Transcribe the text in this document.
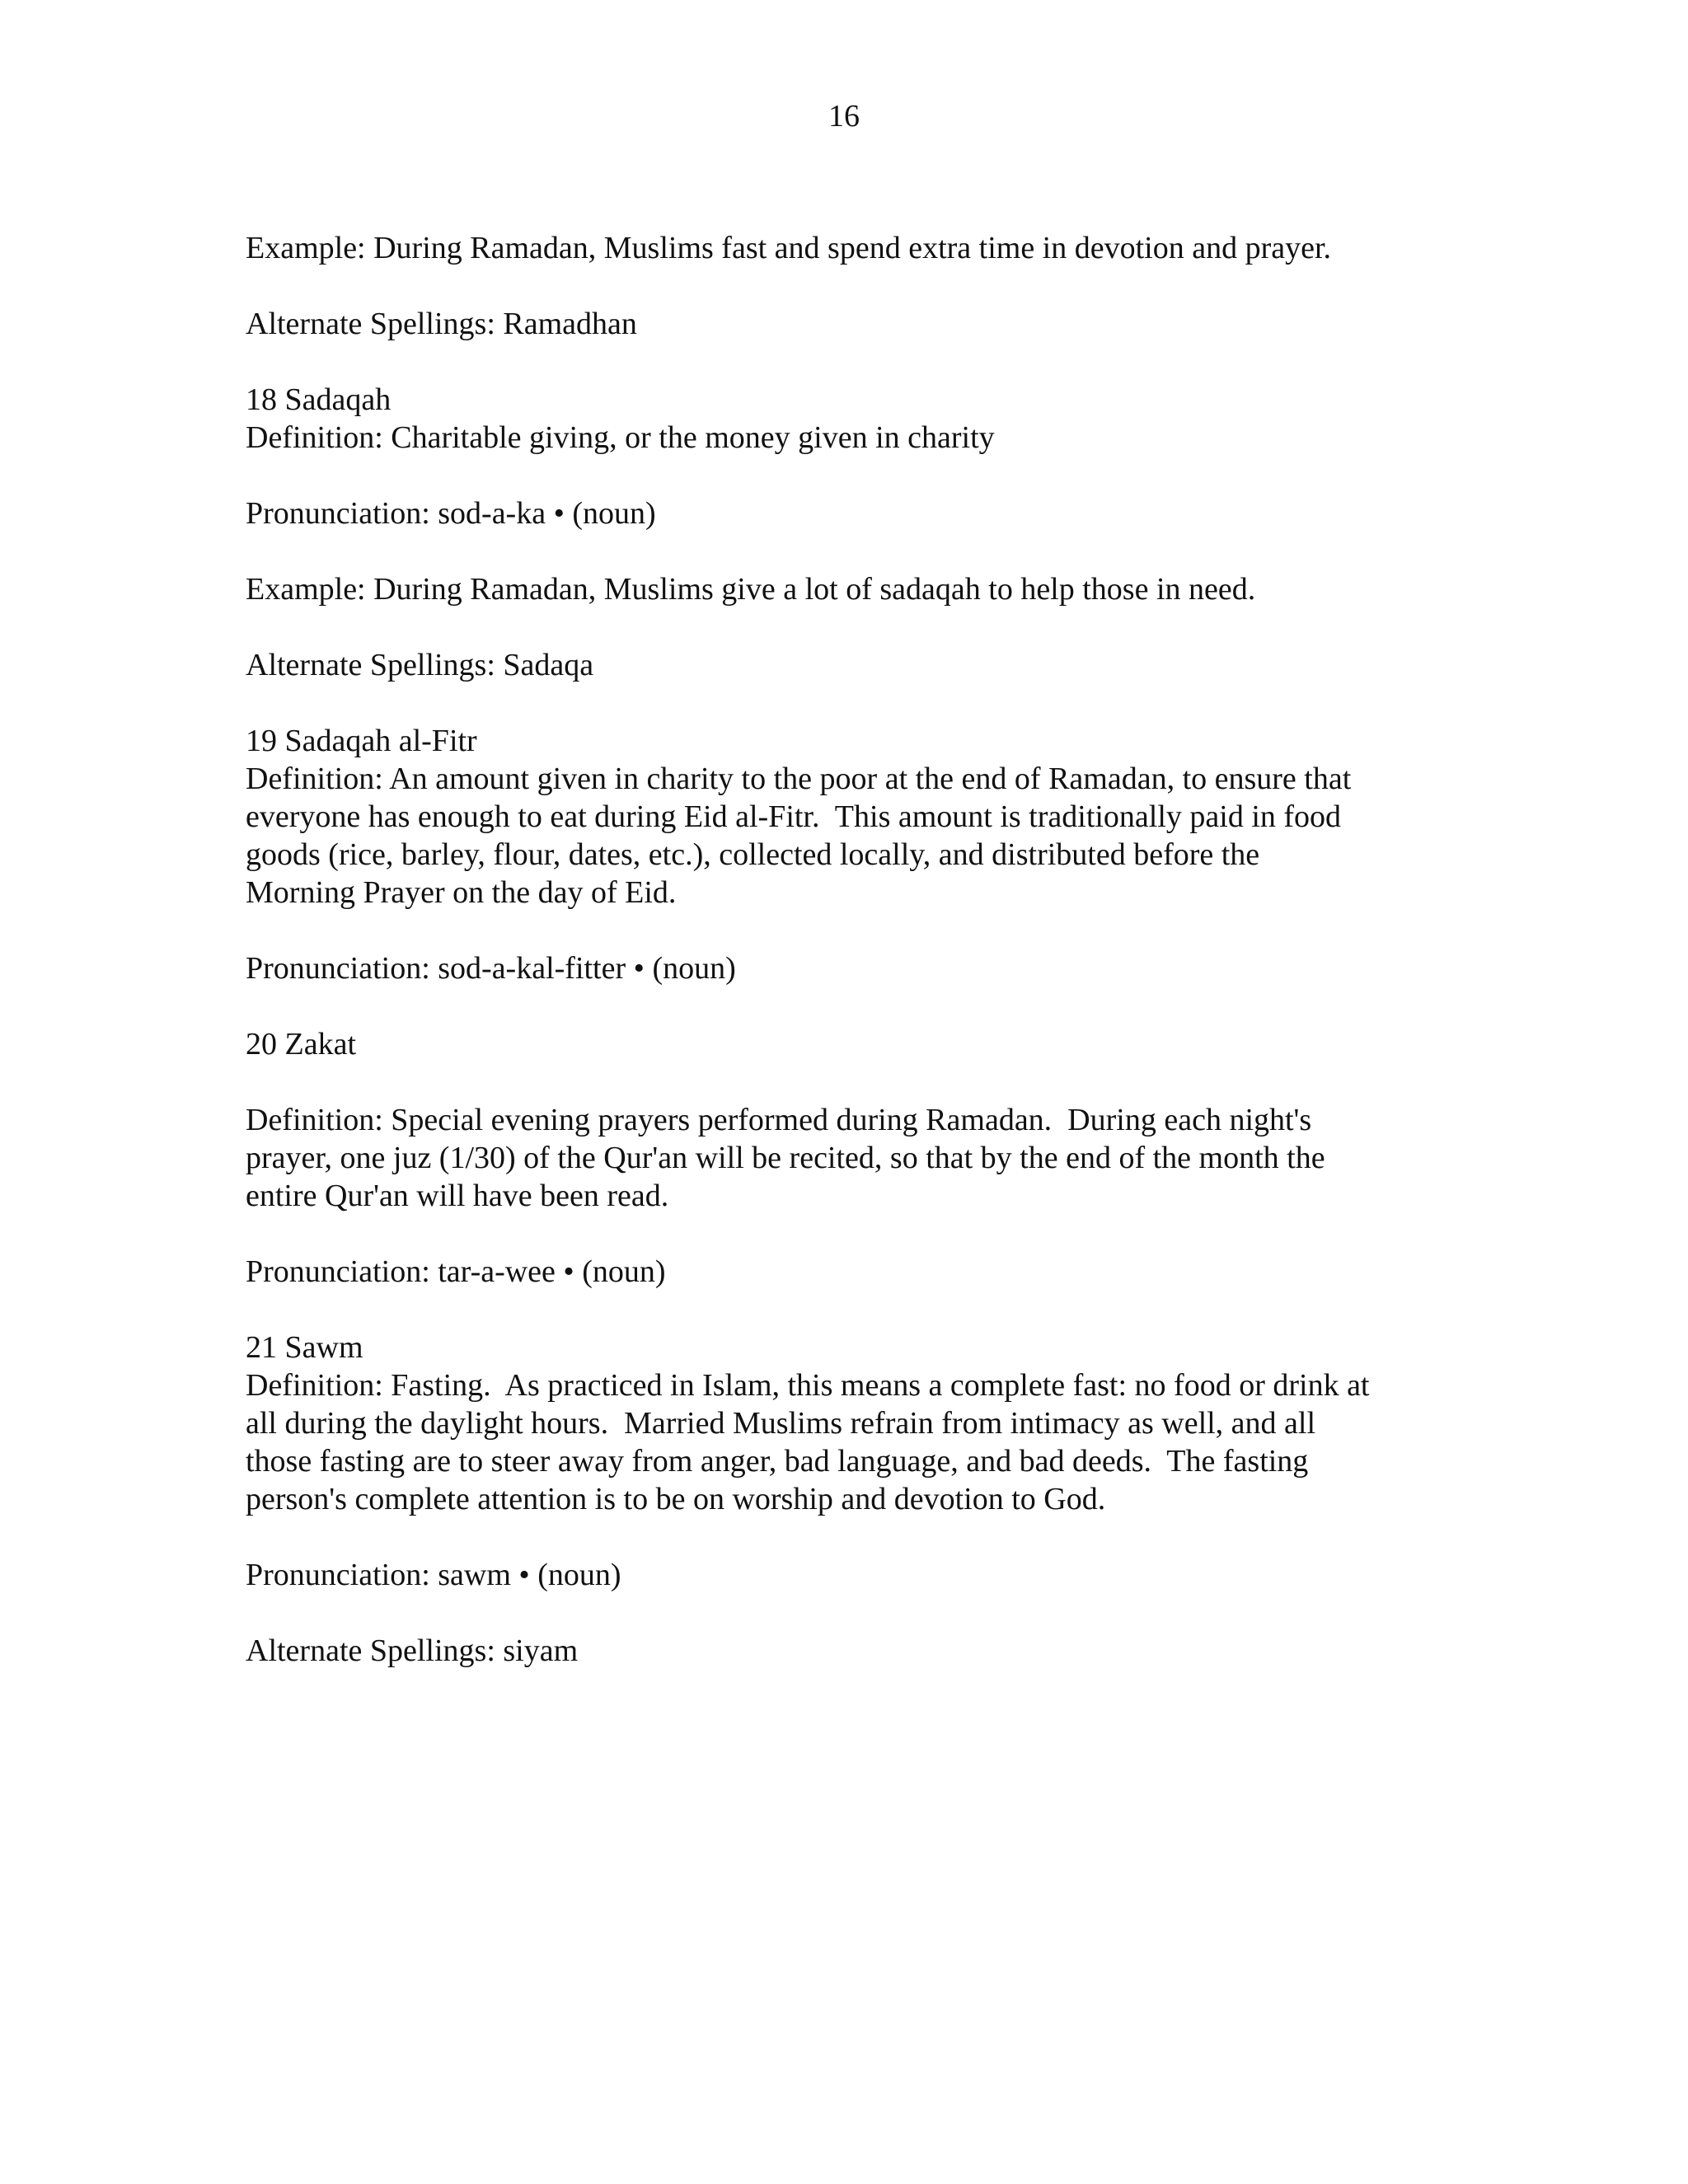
16
Example: During Ramadan, Muslims fast and spend extra time in devotion and prayer.
Alternate Spellings: Ramadhan
18 Sadaqah
Definition: Charitable giving, or the money given in charity
Pronunciation: sod-a-ka • (noun)
Example: During Ramadan, Muslims give a lot of sadaqah to help those in need.
Alternate Spellings: Sadaqa
19 Sadaqah al-Fitr
Definition: An amount given in charity to the poor at the end of Ramadan, to ensure that
everyone has enough to eat during Eid al-Fitr.  This amount is traditionally paid in food
goods (rice, barley, flour, dates, etc.), collected locally, and distributed before the
Morning Prayer on the day of Eid.
Pronunciation: sod-a-kal-fitter • (noun)
20 Zakat
Definition: Special evening prayers performed during Ramadan.  During each night's
prayer, one juz (1/30) of the Qur'an will be recited, so that by the end of the month the
entire Qur'an will have been read.
Pronunciation: tar-a-wee • (noun)
21 Sawm
Definition: Fasting.  As practiced in Islam, this means a complete fast: no food or drink at
all during the daylight hours.  Married Muslims refrain from intimacy as well, and all
those fasting are to steer away from anger, bad language, and bad deeds.  The fasting
person's complete attention is to be on worship and devotion to God.
Pronunciation: sawm • (noun)
Alternate Spellings: siyam
